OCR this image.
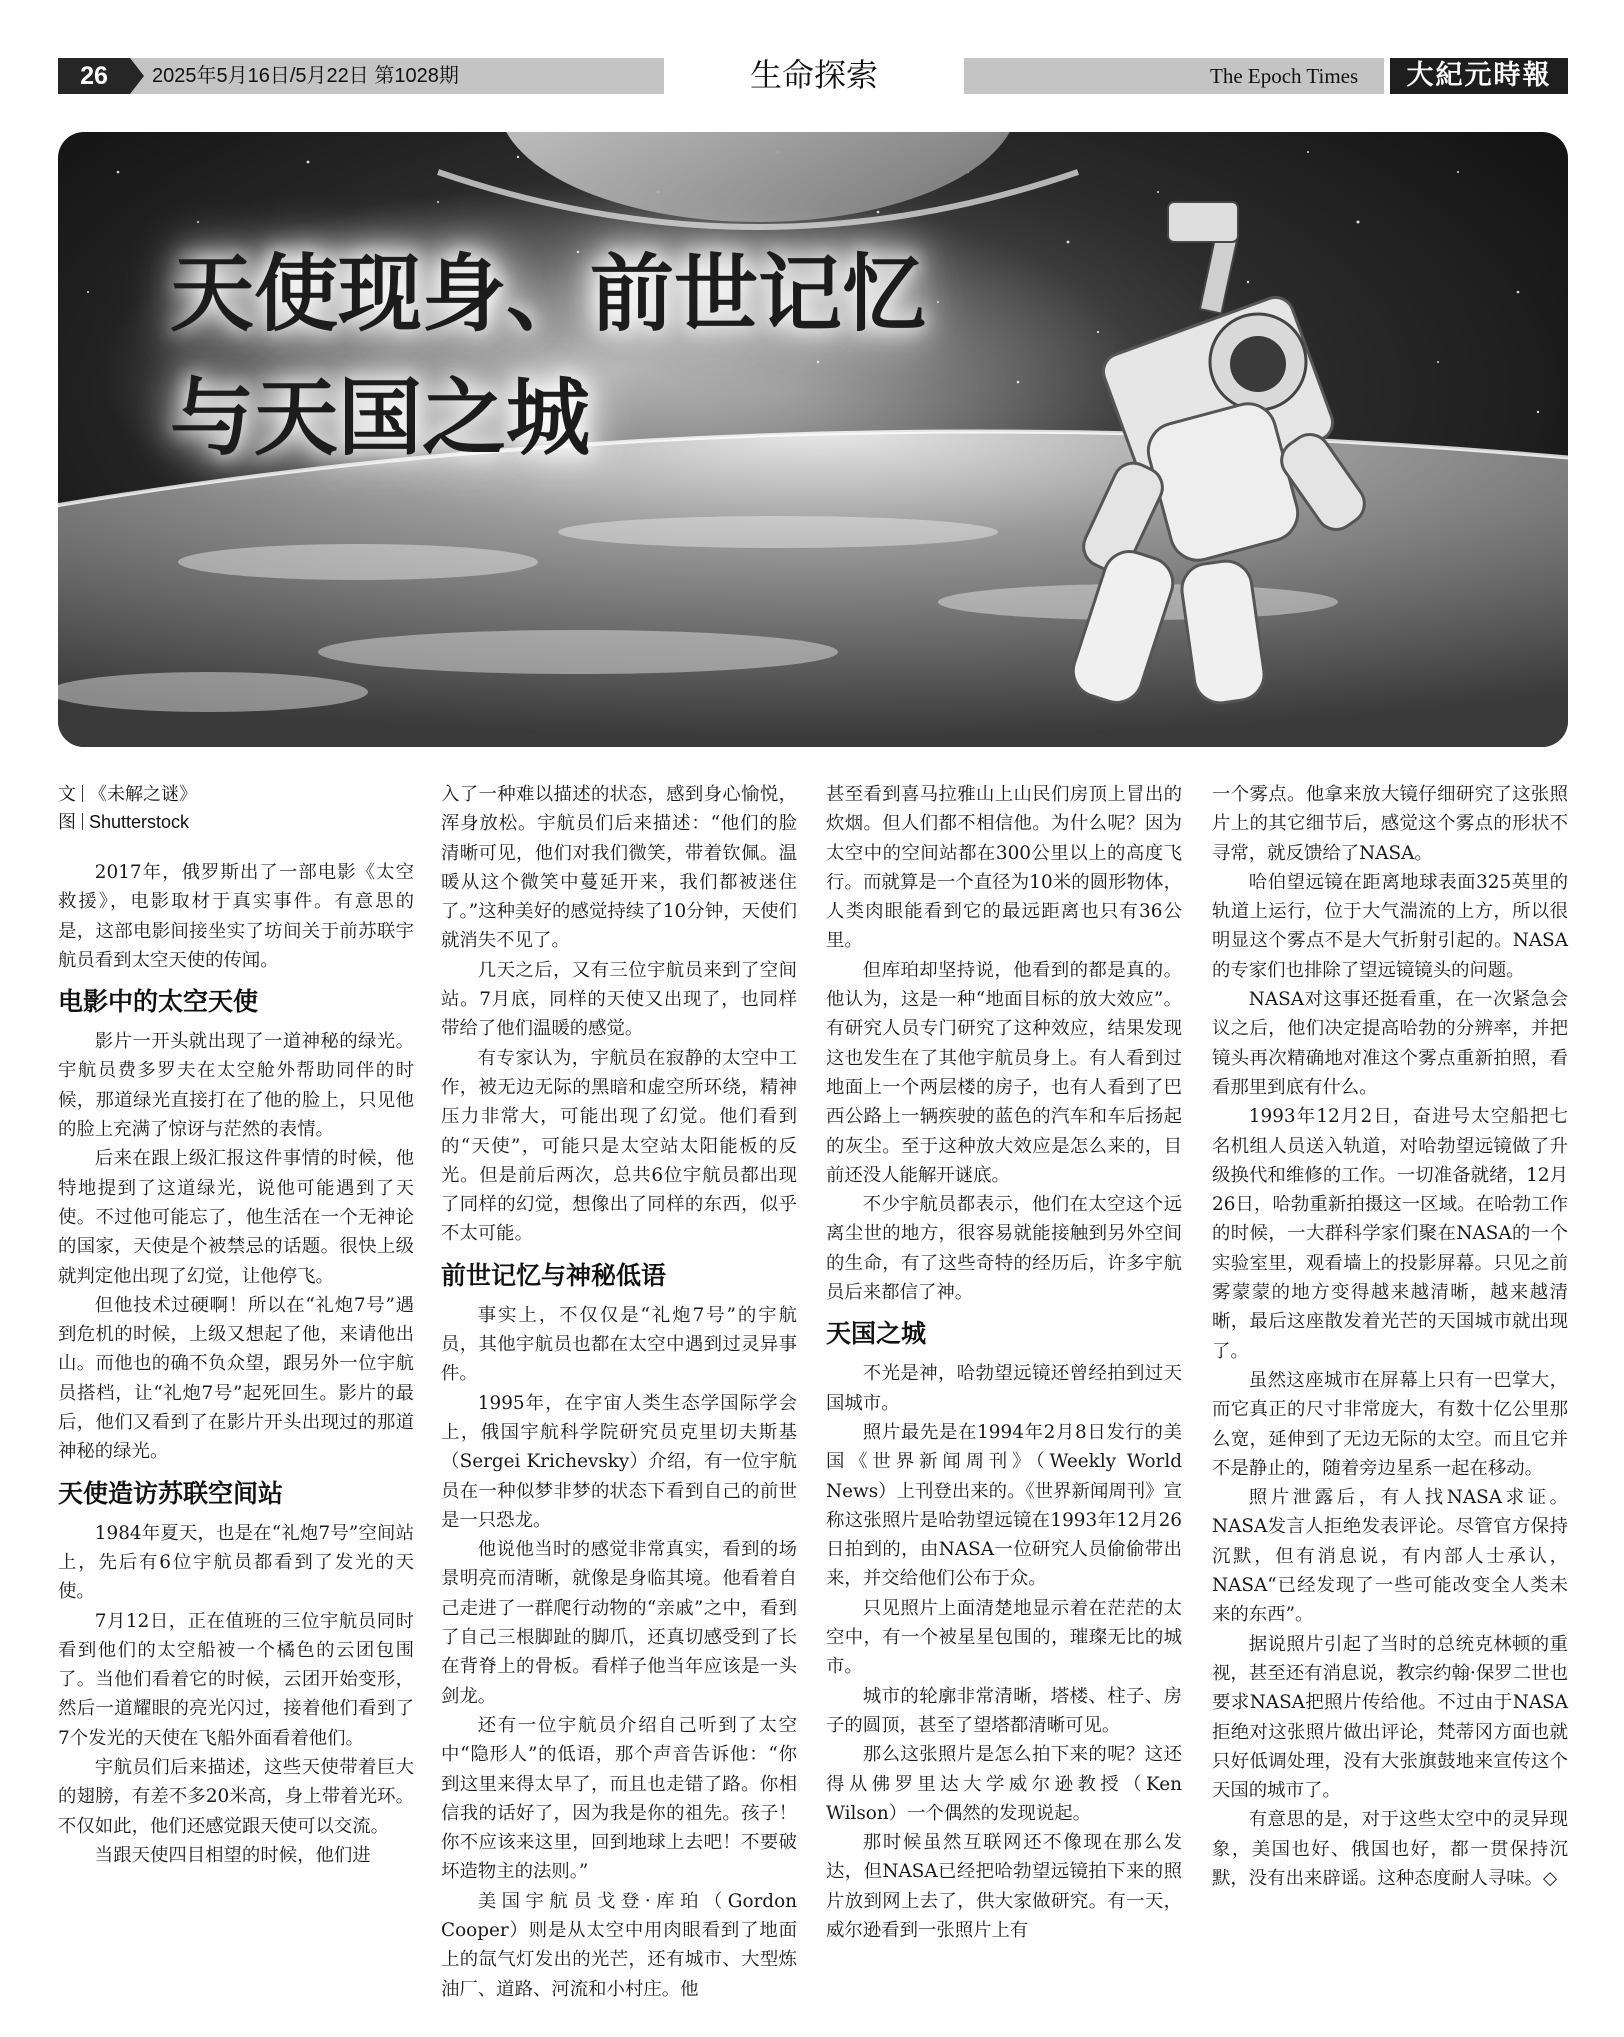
26	2025年5月16日/5月22日 第1028期	生命探索	The Epoch Times	大紀元時報
天使现身、前世记忆
与天国之城

文 《未解之谜》

图 Shutterstock

2017年，俄罗斯出了一部电影《太空救援》，电影取材于真实事件。有意思的是，这部电影间接坐实了坊间关于前苏联宇航员看到太空天使的传闻。

电影中的太空天使

影片一开头就出现了一道神秘的绿光。宇航员费多罗夫在太空舱外帮助同伴的时候，那道绿光直接打在了他的脸上，只见他的脸上充满了惊讶与茫然的表情。

后来在跟上级汇报这件事情的时候，他特地提到了这道绿光，说他可能遇到了天使。不过他可能忘了，他生活在一个无神论的国家，天使是个被禁忌的话题。很快上级就判定他出现了幻觉，让他停飞。

但他技术过硬啊！所以在“礼炮7号”遇到危机的时候，上级又想起了他，来请他出山。而他也的确不负众望，跟另外一位宇航员搭档，让“礼炮7号”起死回生。影片的最后，他们又看到了在影片开头出现过的那道神秘的绿光。

天使造访苏联空间站

1984年夏天，也是在“礼炮7号”空间站上，先后有6位宇航员都看到了发光的天使。

7月12日，正在值班的三位宇航员同时看到他们的太空船被一个橘色的云团包围了。当他们看着它的时候，云团开始变形，然后一道耀眼的亮光闪过，接着他们看到了7个发光的天使在飞船外面看着他们。

宇航员们后来描述，这些天使带着巨大的翅膀，有差不多20米高，身上带着光环。不仅如此，他们还感觉跟天使可以交流。

当跟天使四目相望的时候，他们进

入了一种难以描述的状态，感到身心愉悦，浑身放松。宇航员们后来描述：“他们的脸清晰可见，他们对我们微笑，带着钦佩。温暖从这个微笑中蔓延开来，我们都被迷住了。”这种美好的感觉持续了10分钟，天使们就消失不见了。

几天之后，又有三位宇航员来到了空间站。7月底，同样的天使又出现了，也同样带给了他们温暖的感觉。

有专家认为，宇航员在寂静的太空中工作，被无边无际的黑暗和虚空所环绕，精神压力非常大，可能出现了幻觉。他们看到的“天使”，可能只是太空站太阳能板的反光。但是前后两次，总共6位宇航员都出现了同样的幻觉，想像出了同样的东西，似乎不太可能。

前世记忆与神秘低语

事实上，不仅仅是“礼炮7号”的宇航员，其他宇航员也都在太空中遇到过灵异事件。

1995年，在宇宙人类生态学国际学会上，俄国宇航科学院研究员克里切夫斯基（Sergei Krichevsky）介绍，有一位宇航员在一种似梦非梦的状态下看到自己的前世是一只恐龙。

他说他当时的感觉非常真实，看到的场景明亮而清晰，就像是身临其境。他看着自己走进了一群爬行动物的“亲戚”之中，看到了自己三根脚趾的脚爪，还真切感受到了长在背脊上的骨板。看样子他当年应该是一头剑龙。

还有一位宇航员介绍自己听到了太空中“隐形人”的低语，那个声音告诉他：“你到这里来得太早了，而且也走错了路。你相信我的话好了，因为我是你的祖先。孩子！你不应该来这里，回到地球上去吧！不要破坏造物主的法则。”

美国宇航员戈登·库珀（Gordon Cooper）则是从太空中用肉眼看到了地面上的氙气灯发出的光芒，还有城市、大型炼油厂、道路、河流和小村庄。他

甚至看到喜马拉雅山上山民们房顶上冒出的炊烟。但人们都不相信他。为什么呢？因为太空中的空间站都在300公里以上的高度飞行。而就算是一个直径为10米的圆形物体，人类肉眼能看到它的最远距离也只有36公里。

但库珀却坚持说，他看到的都是真的。他认为，这是一种“地面目标的放大效应”。有研究人员专门研究了这种效应，结果发现这也发生在了其他宇航员身上。有人看到过地面上一个两层楼的房子，也有人看到了巴西公路上一辆疾驶的蓝色的汽车和车后扬起的灰尘。至于这种放大效应是怎么来的，目前还没人能解开谜底。

不少宇航员都表示，他们在太空这个远离尘世的地方，很容易就能接触到另外空间的生命，有了这些奇特的经历后，许多宇航员后来都信了神。

天国之城

不光是神，哈勃望远镜还曾经拍到过天国城市。

照片最先是在1994年2月8日发行的美国《世界新闻周刊》（Weekly World News）上刊登出来的。《世界新闻周刊》宣称这张照片是哈勃望远镜在1993年12月26日拍到的，由NASA一位研究人员偷偷带出来，并交给他们公布于众。

只见照片上面清楚地显示着在茫茫的太空中，有一个被星星包围的，璀璨无比的城市。

城市的轮廓非常清晰，塔楼、柱子、房子的圆顶，甚至了望塔都清晰可见。

那么这张照片是怎么拍下来的呢？这还得从佛罗里达大学威尔逊教授（Ken Wilson）一个偶然的发现说起。

那时候虽然互联网还不像现在那么发达，但NASA已经把哈勃望远镜拍下来的照片放到网上去了，供大家做研究。有一天，威尔逊看到一张照片上有

一个雾点。他拿来放大镜仔细研究了这张照片上的其它细节后，感觉这个雾点的形状不寻常，就反馈给了NASA。

哈伯望远镜在距离地球表面325英里的轨道上运行，位于大气湍流的上方，所以很明显这个雾点不是大气折射引起的。NASA的专家们也排除了望远镜镜头的问题。

NASA对这事还挺看重，在一次紧急会议之后，他们决定提高哈勃的分辨率，并把镜头再次精确地对准这个雾点重新拍照，看看那里到底有什么。

1993年12月2日，奋进号太空船把七名机组人员送入轨道，对哈勃望远镜做了升级换代和维修的工作。一切准备就绪，12月26日，哈勃重新拍摄这一区域。在哈勃工作的时候，一大群科学家们聚在NASA的一个实验室里，观看墙上的投影屏幕。只见之前雾蒙蒙的地方变得越来越清晰，越来越清晰，最后这座散发着光芒的天国城市就出现了。

虽然这座城市在屏幕上只有一巴掌大，而它真正的尺寸非常庞大，有数十亿公里那么宽，延伸到了无边无际的太空。而且它并不是静止的，随着旁边星系一起在移动。

照片泄露后，有人找NASA求证。NASA发言人拒绝发表评论。尽管官方保持沉默，但有消息说，有内部人士承认，NASA“已经发现了一些可能改变全人类未来的东西”。

据说照片引起了当时的总统克林顿的重视，甚至还有消息说，教宗约翰·保罗二世也要求NASA把照片传给他。不过由于NASA拒绝对这张照片做出评论，梵蒂冈方面也就只好低调处理，没有大张旗鼓地来宣传这个天国的城市了。

有意思的是，对于这些太空中的灵异现象，美国也好、俄国也好，都一贯保持沉默，没有出来辟谣。这种态度耐人寻味。◇
